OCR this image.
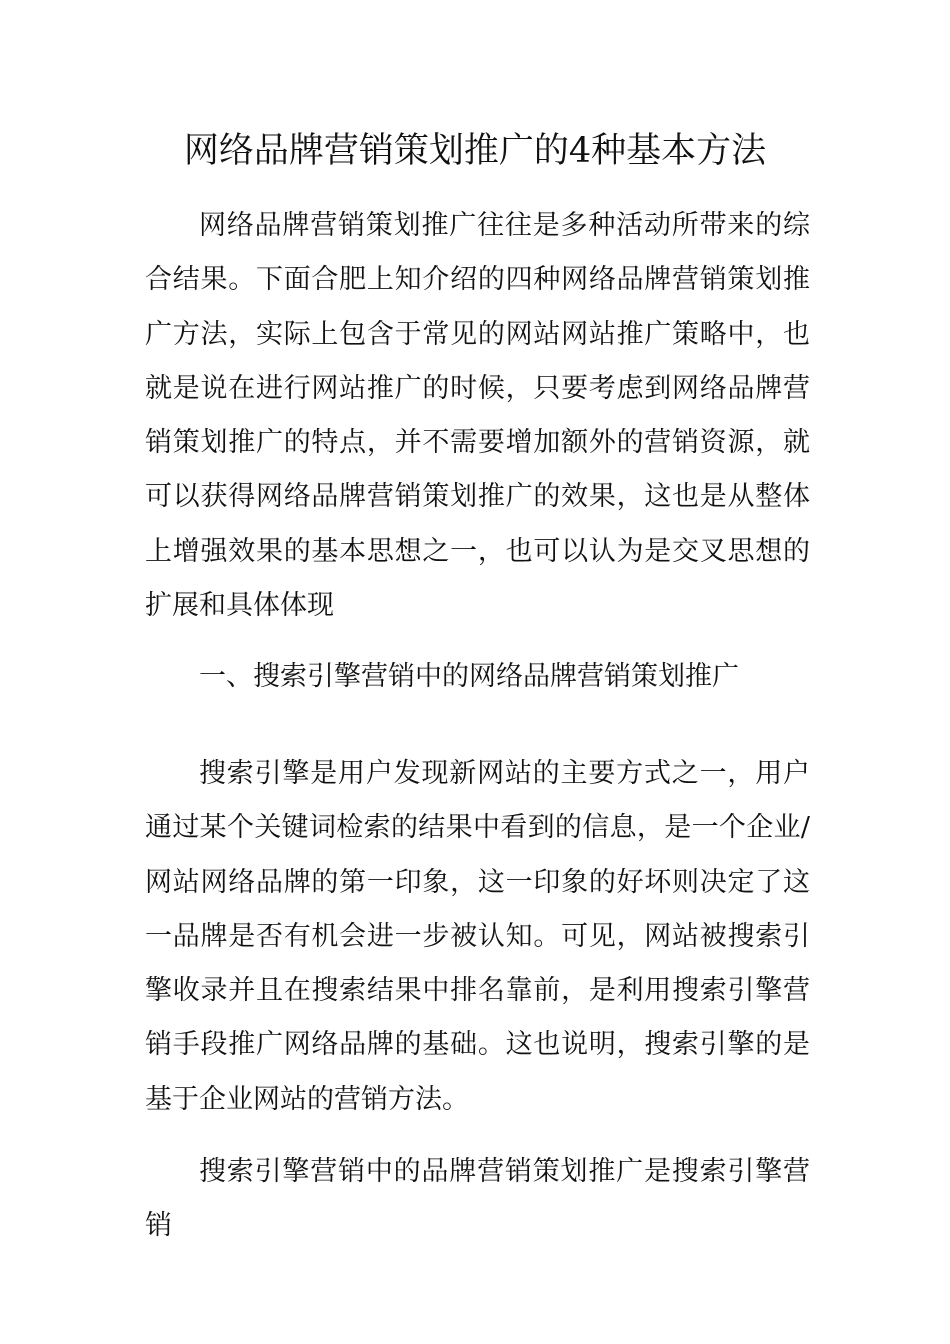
网络品牌营销策划推广的4种基本方法

网络品牌营销策划推广往往是多种活动所带来的综合结果。下面合肥上知介绍的四种网络品牌营销策划推广方法，实际上包含于常见的网站网站推广策略中，也就是说在进行网站推广的时候，只要考虑到网络品牌营销策划推广的特点，并不需要增加额外的营销资源，就可以获得网络品牌营销策划推广的效果，这也是从整体上增强效果的基本思想之一，也可以认为是交叉思想的扩展和具体体现

一、搜索引擎营销中的网络品牌营销策划推广

搜索引擎是用户发现新网站的主要方式之一，用户通过某个关键词检索的结果中看到的信息，是一个企业/网站网络品牌的第一印象，这一印象的好坏则决定了这一品牌是否有机会进一步被认知。可见，网站被搜索引擎收录并且在搜索结果中排名靠前，是利用搜索引擎营销手段推广网络品牌的基础。这也说明，搜索引擎的是基于企业网站的营销方法。

搜索引擎营销中的品牌营销策划推广是搜索引擎营销
